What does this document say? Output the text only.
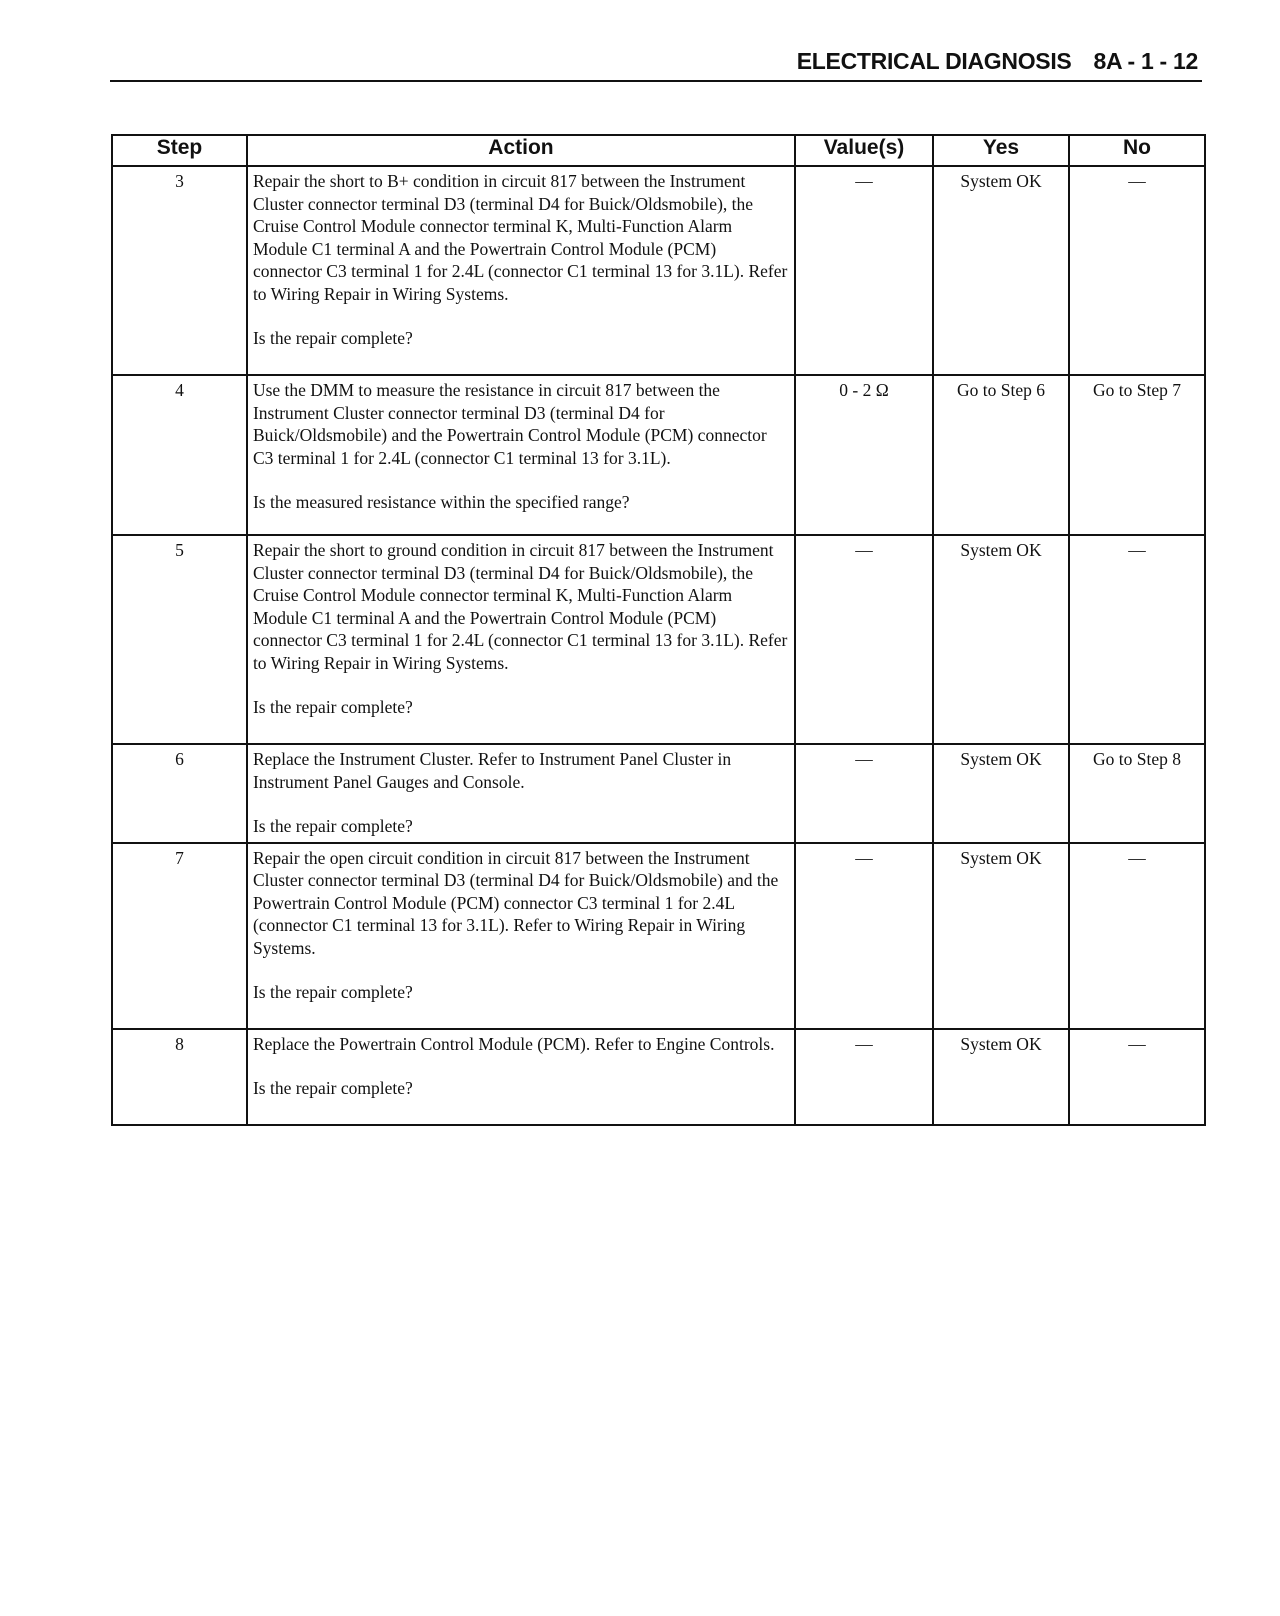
ELECTRICAL DIAGNOSIS 8A - 1 - 12
Step	Action	Value(s)	Yes	No
3	Repair the short to B+ condition in circuit 817 between the Instrument Cluster connector terminal D3 (terminal D4 for Buick/Oldsmobile), the Cruise Control Module connector terminal K, Multi-Function Alarm Module C1 terminal A and the Powertrain Control Module (PCM) connector C3 terminal 1 for 2.4L (connector C1 terminal 13 for 3.1L). Refer to Wiring Repair in Wiring Systems.
Is the repair complete?	—	System OK	—
4	Use the DMM to measure the resistance in circuit 817 between the Instrument Cluster connector terminal D3 (terminal D4 for Buick/Oldsmobile) and the Powertrain Control Module (PCM) connector C3 terminal 1 for 2.4L (connector C1 terminal 13 for 3.1L).
Is the measured resistance within the specified range?	0 - 2 Ω	Go to Step 6	Go to Step 7
5	Repair the short to ground condition in circuit 817 between the Instrument Cluster connector terminal D3 (terminal D4 for Buick/Oldsmobile), the Cruise Control Module connector terminal K, Multi-Function Alarm Module C1 terminal A and the Powertrain Control Module (PCM) connector C3 terminal 1 for 2.4L (connector C1 terminal 13 for 3.1L). Refer to Wiring Repair in Wiring Systems.
Is the repair complete?	—	System OK	—
6	Replace the Instrument Cluster. Refer to Instrument Panel Cluster in Instrument Panel Gauges and Console.
Is the repair complete?	—	System OK	Go to Step 8
7	Repair the open circuit condition in circuit 817 between the Instrument Cluster connector terminal D3 (terminal D4 for Buick/Oldsmobile) and the Powertrain Control Module (PCM) connector C3 terminal 1 for 2.4L (connector C1 terminal 13 for 3.1L). Refer to Wiring Repair in Wiring Systems.
Is the repair complete?	—	System OK	—
8	Replace the Powertrain Control Module (PCM). Refer to Engine Controls.
Is the repair complete?	—	System OK	—
